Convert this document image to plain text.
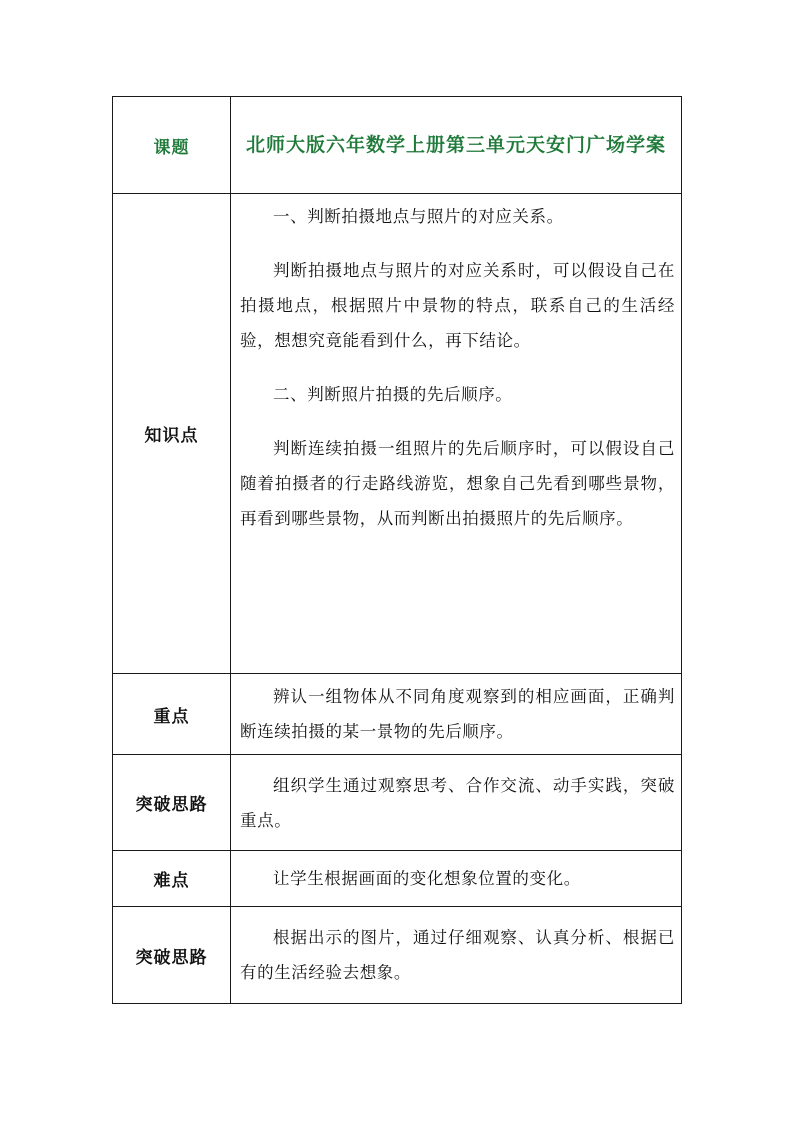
课题	北师大版六年数学上册第三单元天安门广场学案
知识点	一、判断拍摄地点与照片的对应关系。

判断拍摄地点与照片的对应关系时，可以假设自己在拍摄地点，根据照片中景物的特点，联系自己的生活经验，想想究竟能看到什么，再下结论。

二、判断照片拍摄的先后顺序。

判断连续拍摄一组照片的先后顺序时，可以假设自己随着拍摄者的行走路线游览，想象自己先看到哪些景物，再看到哪些景物，从而判断出拍摄照片的先后顺序。

重点	辨认一组物体从不同角度观察到的相应画面，正确判断连续拍摄的某一景物的先后顺序。

突破思路	组织学生通过观察思考、合作交流、动手实践，突破重点。

难点	让学生根据画面的变化想象位置的变化。

突破思路	根据出示的图片，通过仔细观察、认真分析、根据已有的生活经验去想象。
